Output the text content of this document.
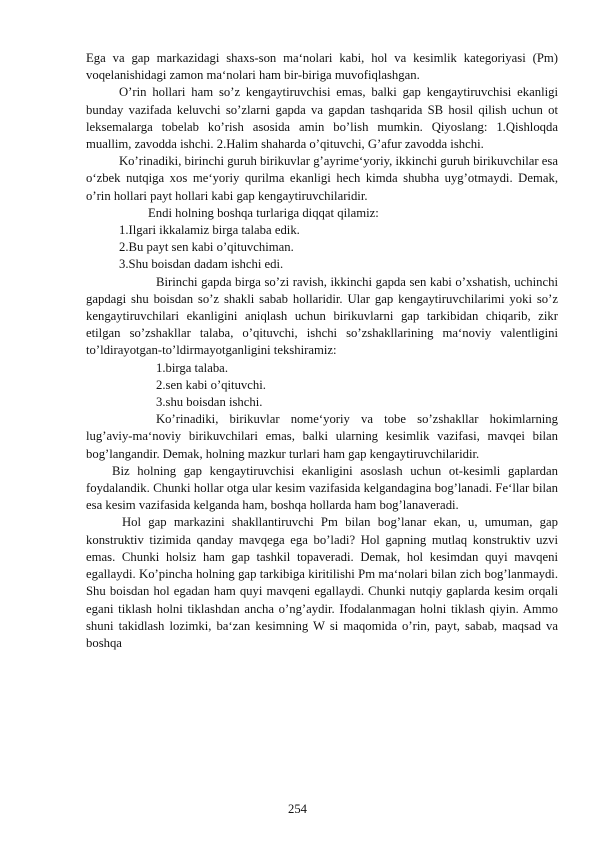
Ega va gap markazidagi shaxs-son ma‘nolari kabi, hol va kesimlik kategoriyasi (Pm) voqelanishidagi zamon ma‘nolari ham bir-biriga muvofiqlashgan.

O’rin hollari ham so’z kengaytiruvchisi emas, balki gap kengaytiruvchisi ekanligi bunday vazifada keluvchi so’zlarni gapda va gapdan tashqarida SB hosil qilish uchun ot leksemalarga tobelab ko’rish asosida amin bo’lish mumkin. Qiyoslang: 1.Qishloqda muallim, zavodda ishchi. 2.Halim shaharda o’qituvchi, G’afur zavodda ishchi.

Ko’rinadiki, birinchi guruh birikuvlar g’ayrime‘yoriy, ikkinchi guruh birikuvchilar esa o‘zbek nutqiga xos me‘yoriy qurilma ekanligi hech kimda shubha uyg’otmaydi. Demak, o’rin hollari payt hollari kabi gap kengaytiruvchilaridir.

Endi holning boshqa turlariga diqqat qilamiz:

1.Ilgari ikkalamiz birga talaba edik.

2.Bu payt sen kabi o’qituvchiman.

3.Shu boisdan dadam ishchi edi.

Birinchi gapda birga so’zi ravish, ikkinchi gapda sen kabi o’xshatish, uchinchi gapdagi shu boisdan so’z shakli sabab hollaridir. Ular gap kengaytiruvchilarimi yoki so’z kengaytiruvchilari ekanligini aniqlash uchun birikuvlarni gap tarkibidan chiqarib, zikr etilgan so’zshakllar talaba, o’qituvchi, ishchi so’zshakllarining ma‘noviy valentligini to’ldirayotgan-to’ldirmayotganligini tekshiramiz:

1.birga talaba.

2.sen kabi o’qituvchi.

3.shu boisdan ishchi.

Ko’rinadiki, birikuvlar nome‘yoriy va tobe so’zshakllar hokimlarning lug’aviy-ma‘noviy birikuvchilari emas, balki ularning kesimlik vazifasi, mavqei bilan bog’langandir. Demak, holning mazkur turlari ham gap kengaytiruvchilaridir.

Biz holning gap kengaytiruvchisi ekanligini asoslash uchun ot-kesimli gaplardan foydalandik. Chunki hollar otga ular kesim vazifasida kelgandagina bog’lanadi. Fe‘llar bilan esa kesim vazifasida kelganda ham, boshqa hollarda ham bog’lanaveradi.

Hol gap markazini shakllantiruvchi Pm bilan bog’lanar ekan, u, umuman, gap konstruktiv tizimida qanday mavqega ega bo’ladi? Hol gapning mutlaq konstruktiv uzvi emas. Chunki holsiz ham gap tashkil topaveradi. Demak, hol kesimdan quyi mavqeni egallaydi. Ko’pincha holning gap tarkibiga kiritilishi Pm ma‘nolari bilan zich bog’lanmaydi. Shu boisdan hol egadan ham quyi mavqeni egallaydi. Chunki nutqiy gaplarda kesim orqali egani tiklash holni tiklashdan ancha o’ng’aydir. Ifodalanmagan holni tiklash qiyin. Ammo shuni takidlash lozimki, ba‘zan kesimning W si maqomida o’rin, payt, sabab, maqsad va boshqa

254
